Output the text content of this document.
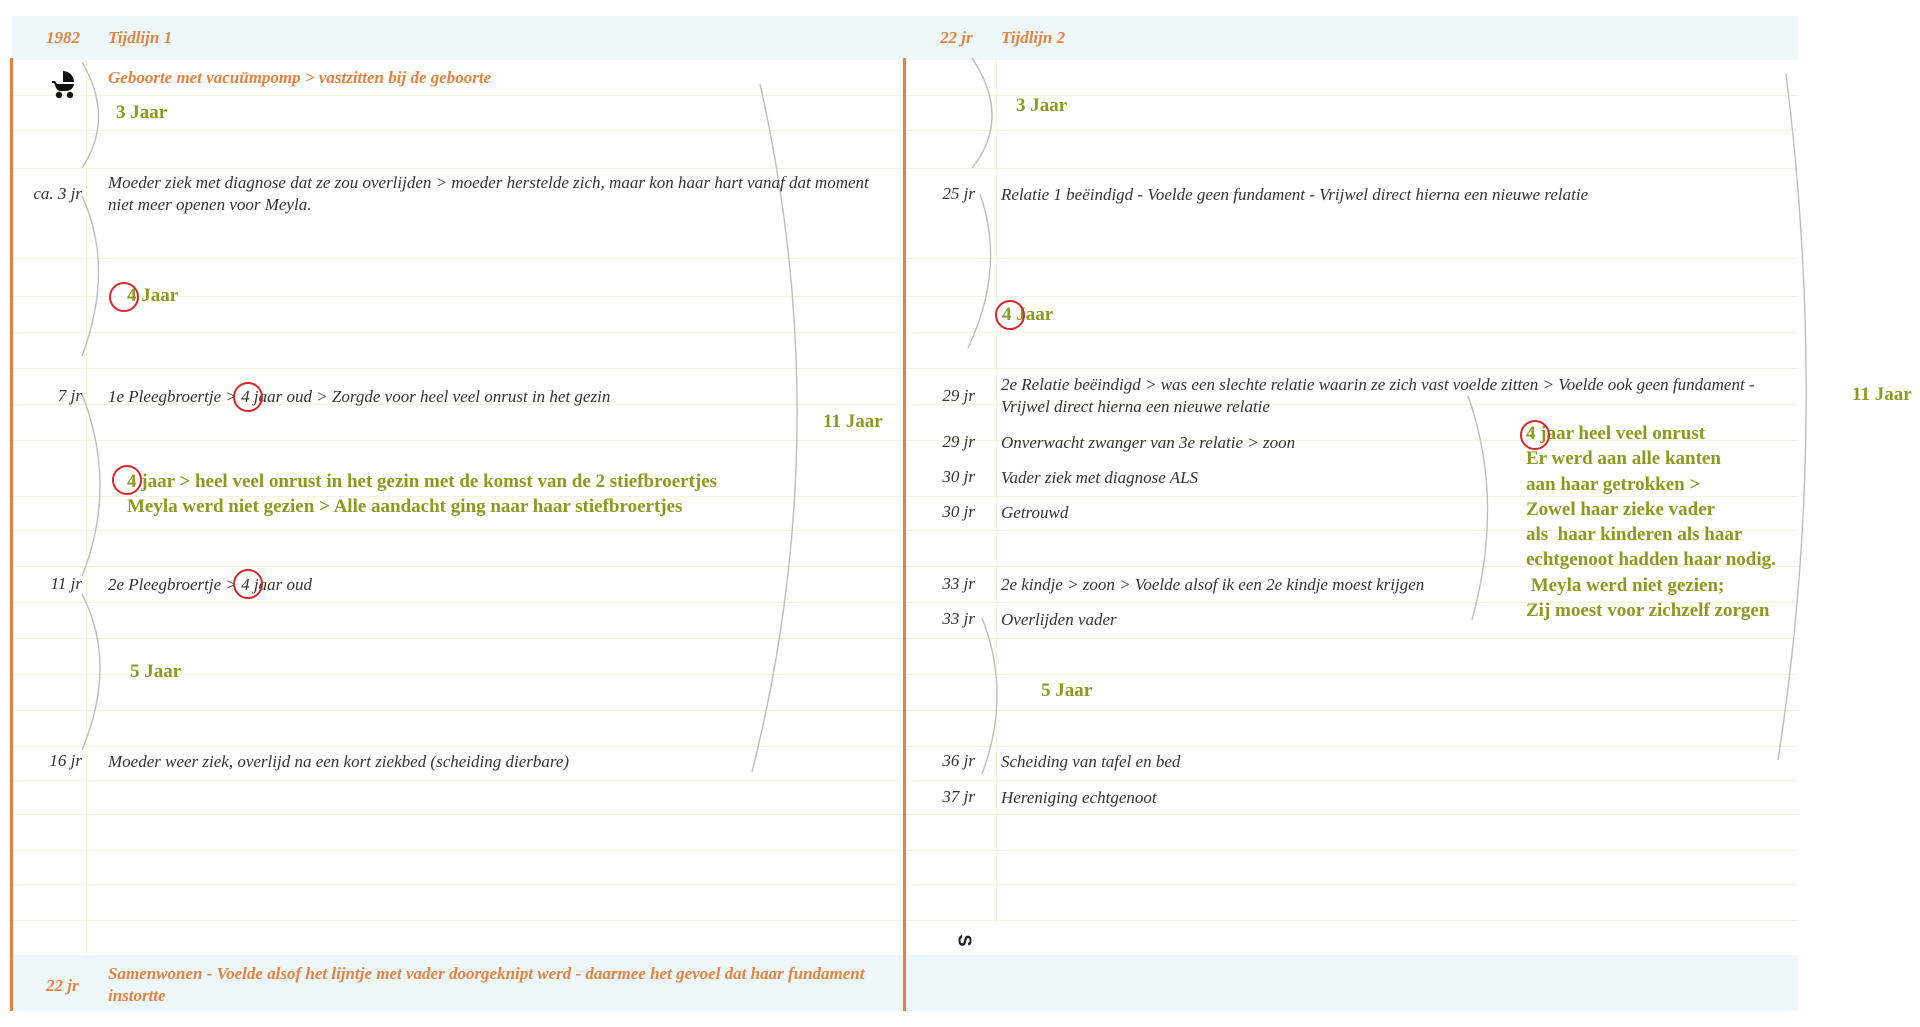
1982 Tijdlijn 1
Geboorte met vacuümpomp > vastzitten bij de geboorte
ca. 3 jr
Moeder ziek met diagnose dat ze zou overlijden > moeder herstelde zich, maar kon haar hart vanaf dat moment niet meer openen voor Meyla.
7 jr 1e Pleegbroertje > 4 jaar oud > Zorgde voor heel veel onrust in het gezin
11 jr 2e Pleegbroertje > 4 jaar oud
16 jr Moeder weer ziek, overlijd na een kort ziekbed (scheiding dierbare)
3 Jaar
4 Jaar
5 Jaar
11 Jaar
4 jaar > heel veel onrust in het gezin met de komst van de 2 stiefbroertjes
Meyla werd niet gezien > Alle aandacht ging naar haar stiefbroertjes
22 jr
Samenwonen - Voelde alsof het lijntje met vader doorgeknipt werd - daarmee het gevoel dat haar fundament instortte
22 jr Tijdlijn 2
25 jr Relatie 1 beëindigd - Voelde geen fundament - Vrijwel direct hierna een nieuwe relatie
29 jr
2e Relatie beëindigd > was een slechte relatie waarin ze zich vast voelde zitten > Voelde ook geen fundament - Vrijwel direct hierna een nieuwe relatie
29 jr Onverwacht zwanger van 3e relatie > zoon
30 jr Vader ziek met diagnose ALS
30 jr Getrouwd
33 jr 2e kindje > zoon > Voelde alsof ik een 2e kindje moest krijgen
33 jr Overlijden vader
36 jr Scheiding van tafel en bed
37 jr Hereniging echtgenoot
3 Jaar
4 Jaar
5 Jaar
11 Jaar
4 jaar heel veel onrust
Er werd aan alle kanten
aan haar getrokken >
Zowel haar zieke vader
als  haar kinderen als haar
echtgenoot hadden haar nodig.
Meyla werd niet gezien;
Zij moest voor zichzelf zorgen
S
